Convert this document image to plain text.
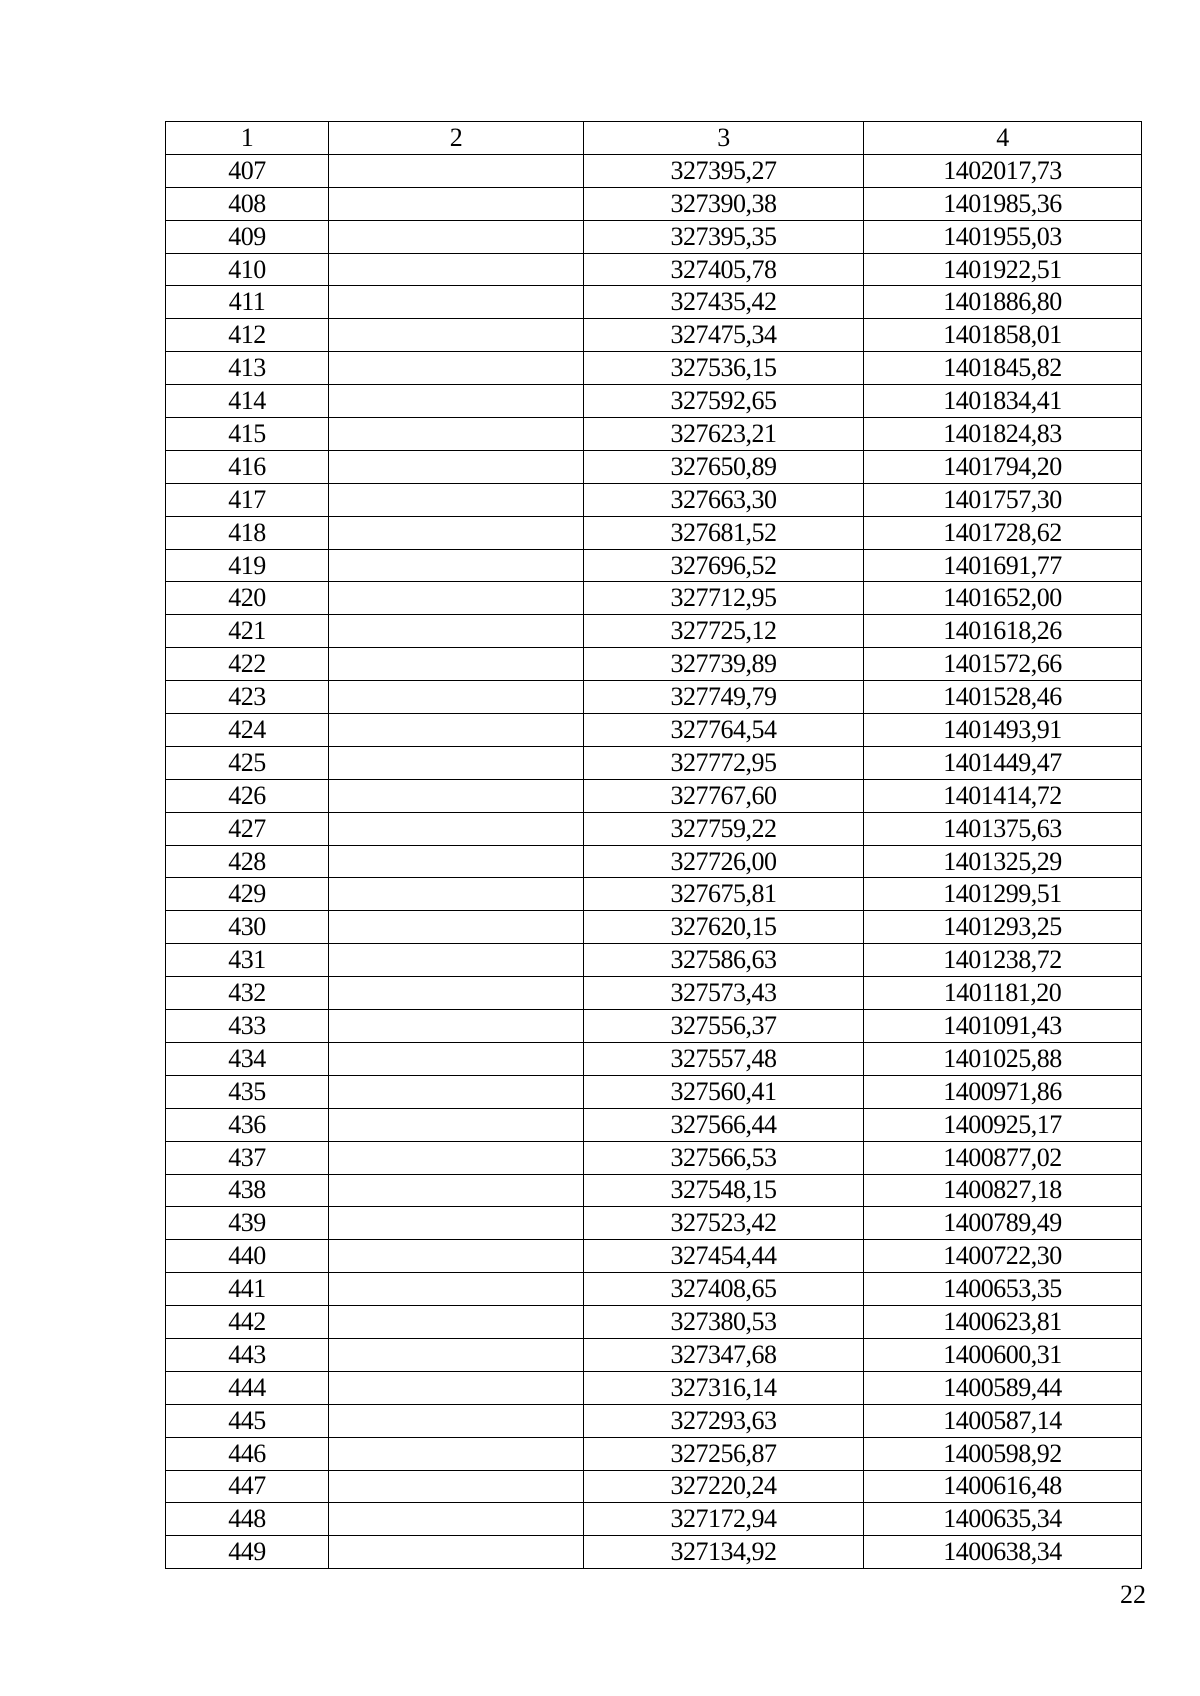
1	2	3	4
407		327395,27	1402017,73
408		327390,38	1401985,36
409		327395,35	1401955,03
410		327405,78	1401922,51
411		327435,42	1401886,80
412		327475,34	1401858,01
413		327536,15	1401845,82
414		327592,65	1401834,41
415		327623,21	1401824,83
416		327650,89	1401794,20
417		327663,30	1401757,30
418		327681,52	1401728,62
419		327696,52	1401691,77
420		327712,95	1401652,00
421		327725,12	1401618,26
422		327739,89	1401572,66
423		327749,79	1401528,46
424		327764,54	1401493,91
425		327772,95	1401449,47
426		327767,60	1401414,72
427		327759,22	1401375,63
428		327726,00	1401325,29
429		327675,81	1401299,51
430		327620,15	1401293,25
431		327586,63	1401238,72
432		327573,43	1401181,20
433		327556,37	1401091,43
434		327557,48	1401025,88
435		327560,41	1400971,86
436		327566,44	1400925,17
437		327566,53	1400877,02
438		327548,15	1400827,18
439		327523,42	1400789,49
440		327454,44	1400722,30
441		327408,65	1400653,35
442		327380,53	1400623,81
443		327347,68	1400600,31
444		327316,14	1400589,44
445		327293,63	1400587,14
446		327256,87	1400598,92
447		327220,24	1400616,48
448		327172,94	1400635,34
449		327134,92	1400638,34
22
